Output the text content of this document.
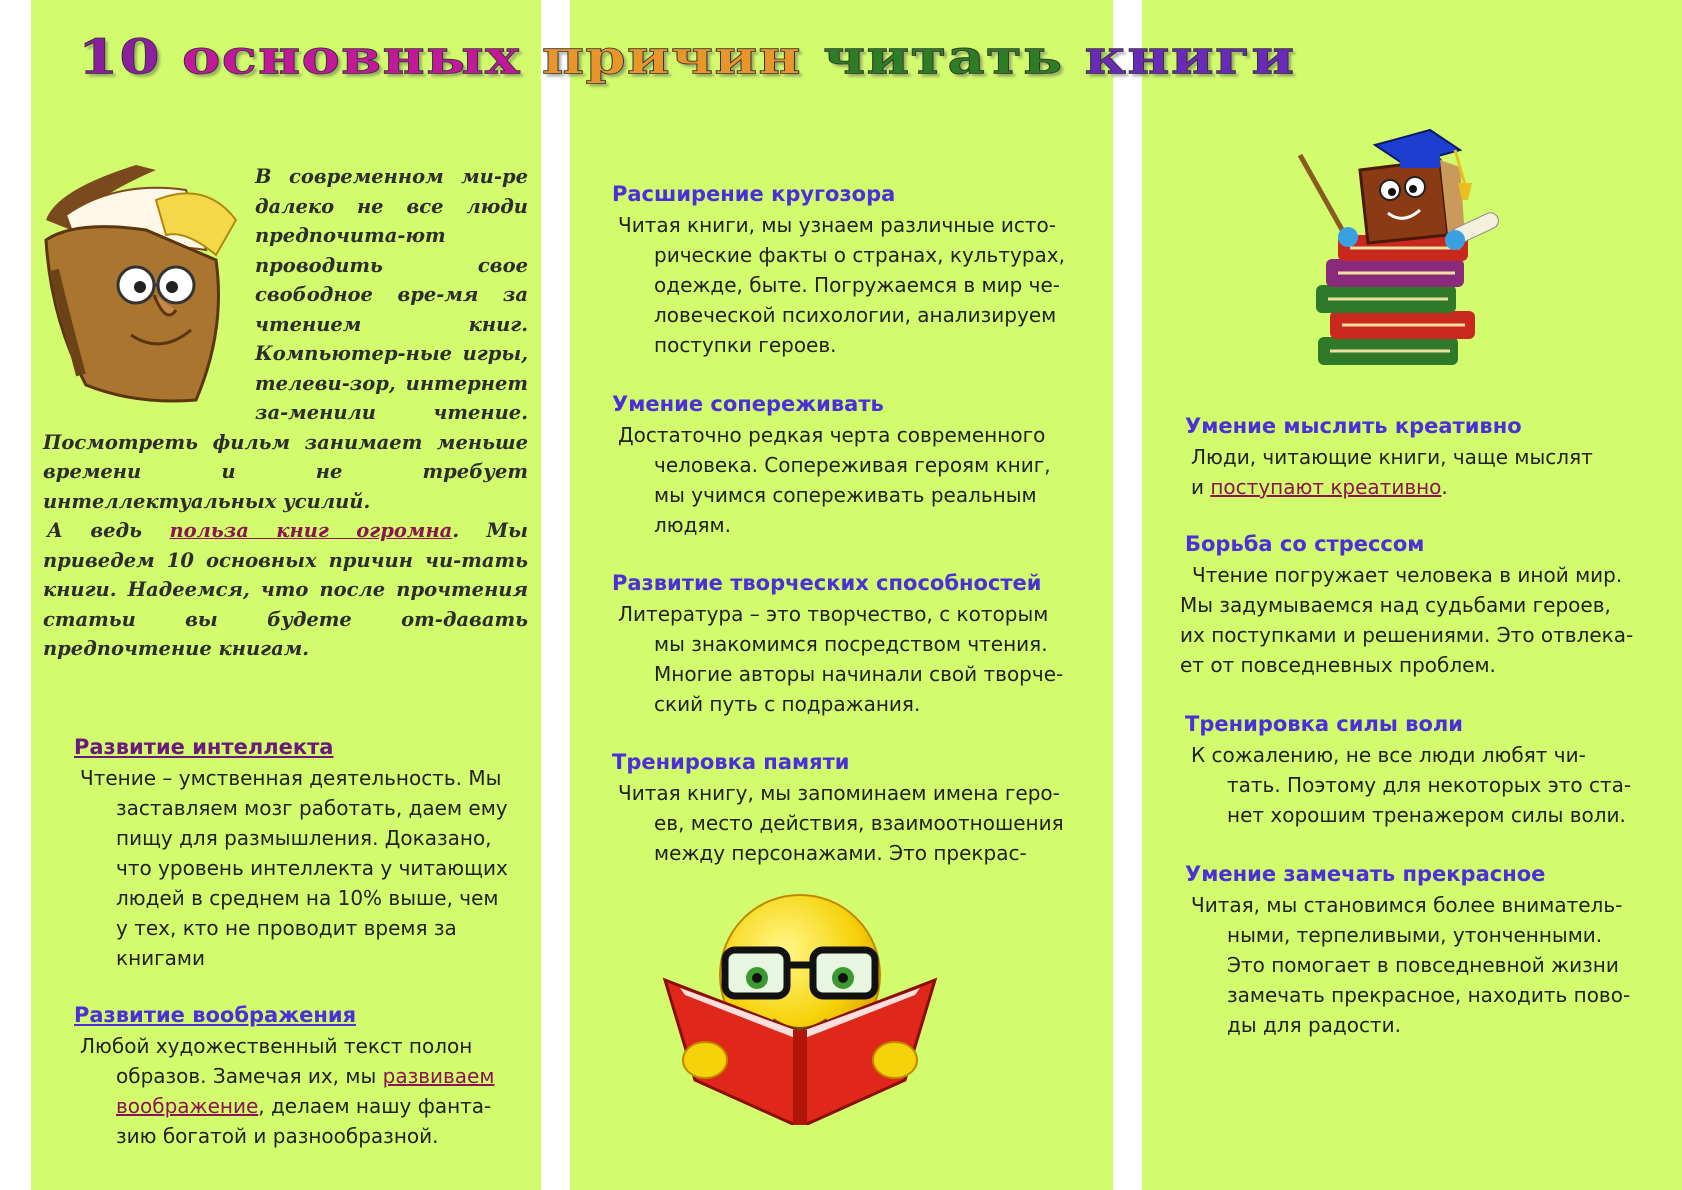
10 основных причин читать книги
В современном ми-ре далеко не все люди предпочита-ют проводить свое свободное вре-мя за чтением книг. Компьютер-ные игры, телеви-зор, интернет за-менили чтение. Посмотреть фильм занимает меньше времени и не требует интеллектуальных усилий.
А ведь польза книг огромна. Мы приведем 10 основных причин чи-тать книги. Надеемся, что после прочтения статьи вы будете от-давать предпочтение книгам.
Развитие интеллекта

Чтение – умственная деятельность. Мы
заставляем мозг работать, даем ему
пищу для размышления. Доказано,
что уровень интеллекта у читающих
людей в среднем на 10% выше, чем
у тех, кто не проводит время за
книгами

Развитие воображения

Любой художественный текст полон
образов. Замечая их, мы развиваем
воображение, делаем нашу фанта-
зию богатой и разнообразной.

Расширение кругозора

Читая книги, мы узнаем различные исто-
рические факты о странах, культурах,
одежде, быте. Погружаемся в мир че-
ловеческой психологии, анализируем
поступки героев.

Умение сопереживать

Достаточно редкая черта современного
человека. Сопереживая героям книг,
мы учимся сопереживать реальным
людям.

Развитие творческих способностей

Литература – это творчество, с которым
мы знакомимся посредством чтения.
Многие авторы начинали свой творче-
ский путь с подражания.

Тренировка памяти

Читая книгу, мы запоминаем имена геро-
ев, место действия, взаимоотношения
между персонажами. Это прекрас-

Умение мыслить креативно

Люди, читающие книги, чаще мыслят
и поступают креативно.

Борьба со стрессом

Чтение погружает человека в иной мир.
Мы задумываемся над судьбами героев,
их поступками и решениями. Это отвлека-
ет от повседневных проблем.

Тренировка силы воли

К сожалению, не все люди любят чи-
тать. Поэтому для некоторых это ста-
нет хорошим тренажером силы воли.

Умение замечать прекрасное

Читая, мы становимся более вниматель-
ными, терпеливыми, утонченными.
Это помогает в повседневной жизни
замечать прекрасное, находить пово-
ды для радости.
